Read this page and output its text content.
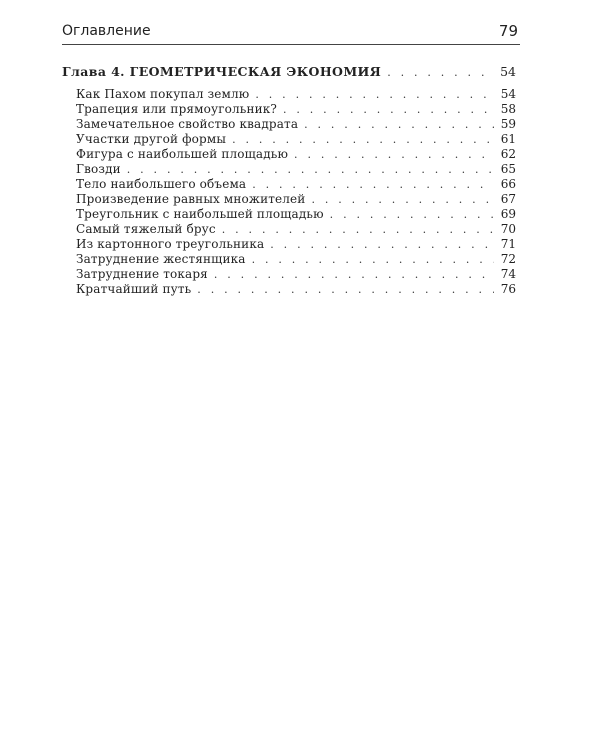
Оглавление	79
Глава 4. ГЕОМЕТРИЧЕСКАЯ ЭКОНОМИЯ . . .	54
Как Пахом покупал землю . . .	54
Трапеция или прямоугольник? . . .	58
Замечательное свойство квадрата . . .	59
Участки другой формы . . .	61
Фигура с наибольшей площадью . . .	62
Гвозди . . .	65
Тело наибольшего объема . . .	66
Произведение равных множителей . . .	67
Треугольник с наибольшей площадью . . .	69
Самый тяжелый брус . . .	70
Из картонного треугольника . . .	71
Затруднение жестянщика . . .	72
Затруднение токаря . . .	74
Кратчайший путь . . .	76
